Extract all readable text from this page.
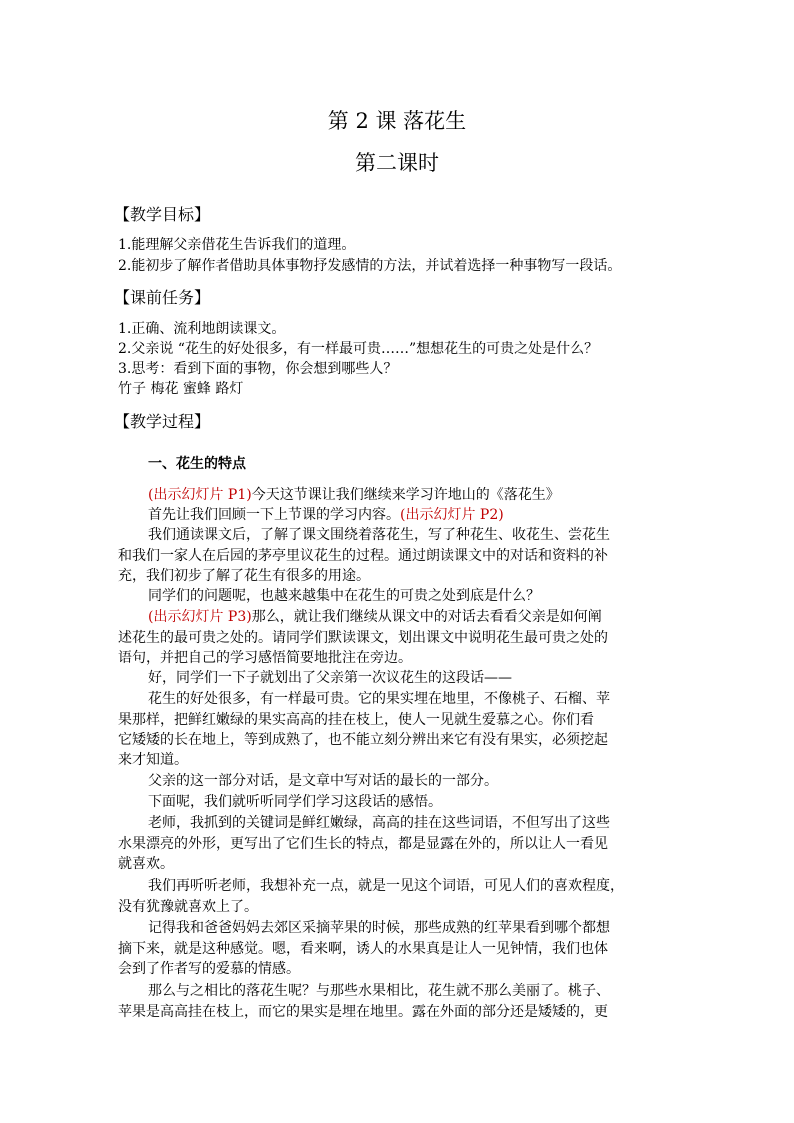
第 2 课 落花生
第二课时
【教学目标】
1.能理解父亲借花生告诉我们的道理。
2.能初步了解作者借助具体事物抒发感情的方法，并试着选择一种事物写一段话。
【课前任务】
1.正确、流利地朗读课文。
2.父亲说 “花生的好处很多，有一样最可贵……”想想花生的可贵之处是什么？
3.思考：看到下面的事物，你会想到哪些人？
竹子 梅花 蜜蜂 路灯
【教学过程】
一、花生的特点
(出示幻灯片 P1)今天这节课让我们继续来学习许地山的《落花生》
首先让我们回顾一下上节课的学习内容。(出示幻灯片 P2)
我们通读课文后，了解了课文围绕着落花生，写了种花生、收花生、尝花生
和我们一家人在后园的茅亭里议花生的过程。通过朗读课文中的对话和资料的补
充，我们初步了解了花生有很多的用途。
同学们的问题呢，也越来越集中在花生的可贵之处到底是什么？
(出示幻灯片 P3)那么，就让我们继续从课文中的对话去看看父亲是如何阐
述花生的最可贵之处的。请同学们默读课文，划出课文中说明花生最可贵之处的
语句，并把自己的学习感悟简要地批注在旁边。
好，同学们一下子就划出了父亲第一次议花生的这段话——
花生的好处很多，有一样最可贵。它的果实埋在地里，不像桃子、石榴、苹
果那样，把鲜红嫩绿的果实高高的挂在枝上，使人一见就生爱慕之心。你们看
它矮矮的长在地上，等到成熟了，也不能立刻分辨出来它有没有果实，必须挖起
来才知道。
父亲的这一部分对话，是文章中写对话的最长的一部分。
下面呢，我们就听听同学们学习这段话的感悟。
老师，我抓到的关键词是鲜红嫩绿，高高的挂在这些词语，不但写出了这些
水果漂亮的外形，更写出了它们生长的特点，都是显露在外的，所以让人一看见
就喜欢。
我们再听听老师，我想补充一点，就是一见这个词语，可见人们的喜欢程度，
没有犹豫就喜欢上了。
记得我和爸爸妈妈去郊区采摘苹果的时候，那些成熟的红苹果看到哪个都想
摘下来，就是这种感觉。嗯，看来啊，诱人的水果真是让人一见钟情，我们也体
会到了作者写的爱慕的情感。
那么与之相比的落花生呢？与那些水果相比，花生就不那么美丽了。桃子、
苹果是高高挂在枝上，而它的果实是埋在地里。露在外面的部分还是矮矮的，更
